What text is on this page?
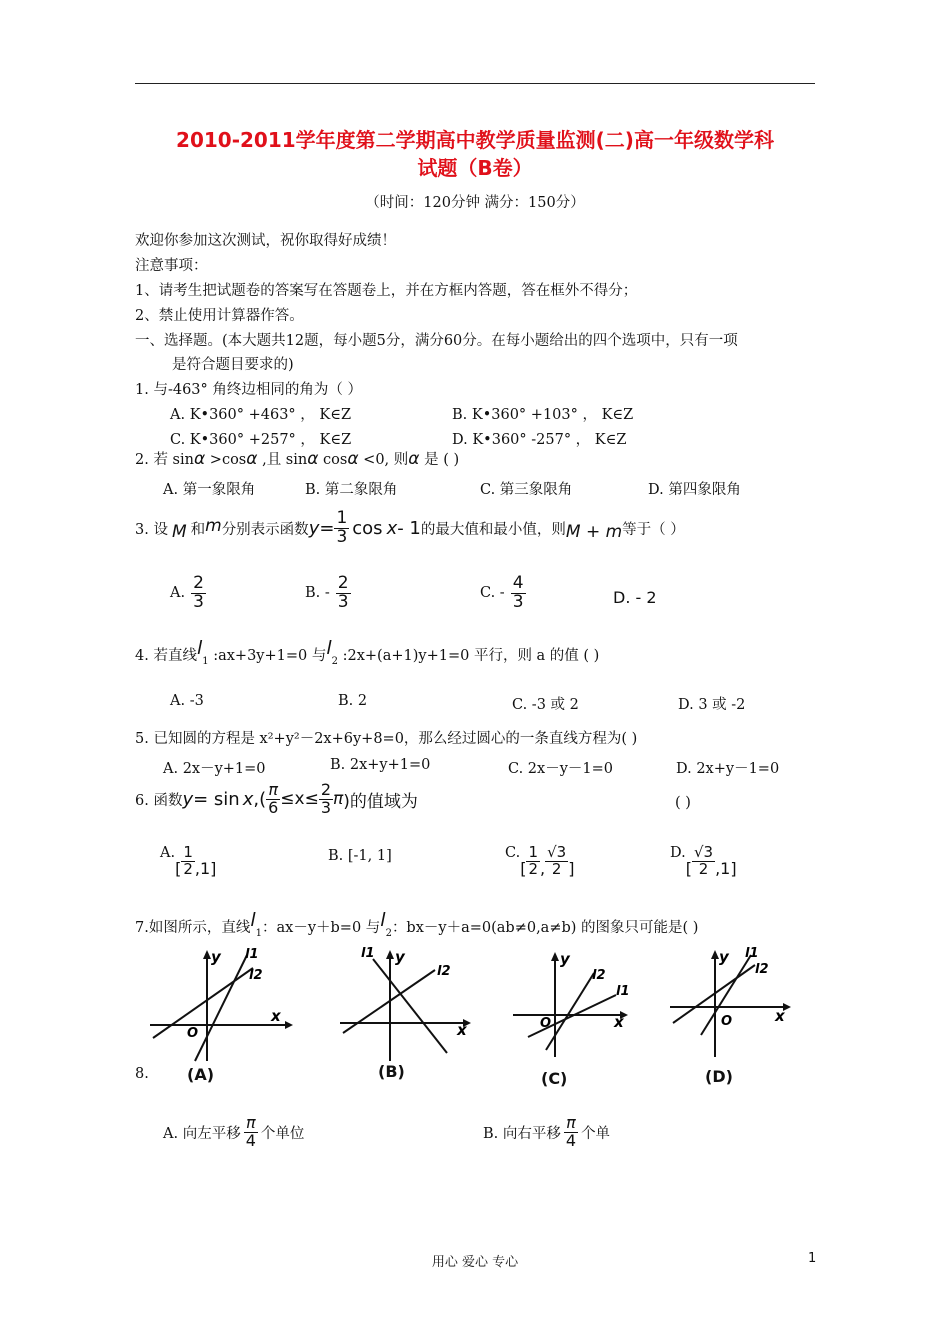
2010-2011学年度第二学期高中教学质量监测(二)高一年级数学科
试题（B卷）
（时间：120分钟 满分：150分）
欢迎你参加这次测试，祝你取得好成绩！
注意事项：
1、请考生把试题卷的答案写在答题卷上，并在方框内答题，答在框外不得分；
2、禁止使用计算器作答。
一、选择题。(本大题共12题，每小题5分，满分60分。在每小题给出的四个选项中，只有一项
是符合题目要求的)
1. 与-463° 角终边相同的角为（ ）
A. K•360° +463° ， K∈Z	B. K•360° +103° ， K∈Z
C. K•360° +257° ， K∈Z	D. K•360° -257° ， K∈Z
2. 若 sinα >cosα ,且 sinα cosα <0, 则α 是 ( )
A. 第一象限角	B. 第二象限角	C. 第三象限角	D. 第四象限角
3. 设 M 和 m 分别表示函数 $y = \frac{1}{3}$ cos x - 1 的最大值和最小值，则 M + m 等于（ ）
A. $\frac{2}{3}$	B. - $\frac{2}{3}$	C. - $\frac{4}{3}$	D. - 2
4. 若直线$l_1$ :ax+3y+1=0 与$l_2$ :2x+(a+1)y+1=0 平行，则 a 的值 ( )
A. -3	B. 2	C. -3 或 2	D. 3 或 -2
5. 已知圆的方程是 x²+y²－2x+6y+8=0，那么经过圆心的一条直线方程为( )
A. 2x－y+1=0	B. 2x+y+1=0	C. 2x－y－1=0	D. 2x+y－1=0
6. 函数 y = sin x ,( $\frac{\pi}{6} \le x\le \frac{2}{3}$ π )的值域为	( )
A.
[ $\frac{1}{2} ,1$]
B. [-1, 1]	C.
[ $\frac{1}{2}$ , $\frac{√3}{2}$ ]
D.
[ $\frac{√3}{2} ,1$]
7.如图所示，直线$l_1$：ax－y＋b=0 与$l_2$：bx－y＋a=0(ab≠0,a≠b) 的图象只可能是( )
y
x
O
l1
l2
(A)
y
x
l1
l2
(B)
y
x
O
l1
l2
(C)
y
x
O
l1
l2
(D)
8.
A. 向左平移 $\frac{\pi}{4}$ 个单位	B. 向右平移 $\frac{\pi}{4}$ 个单
用心 爱心 专心	1
